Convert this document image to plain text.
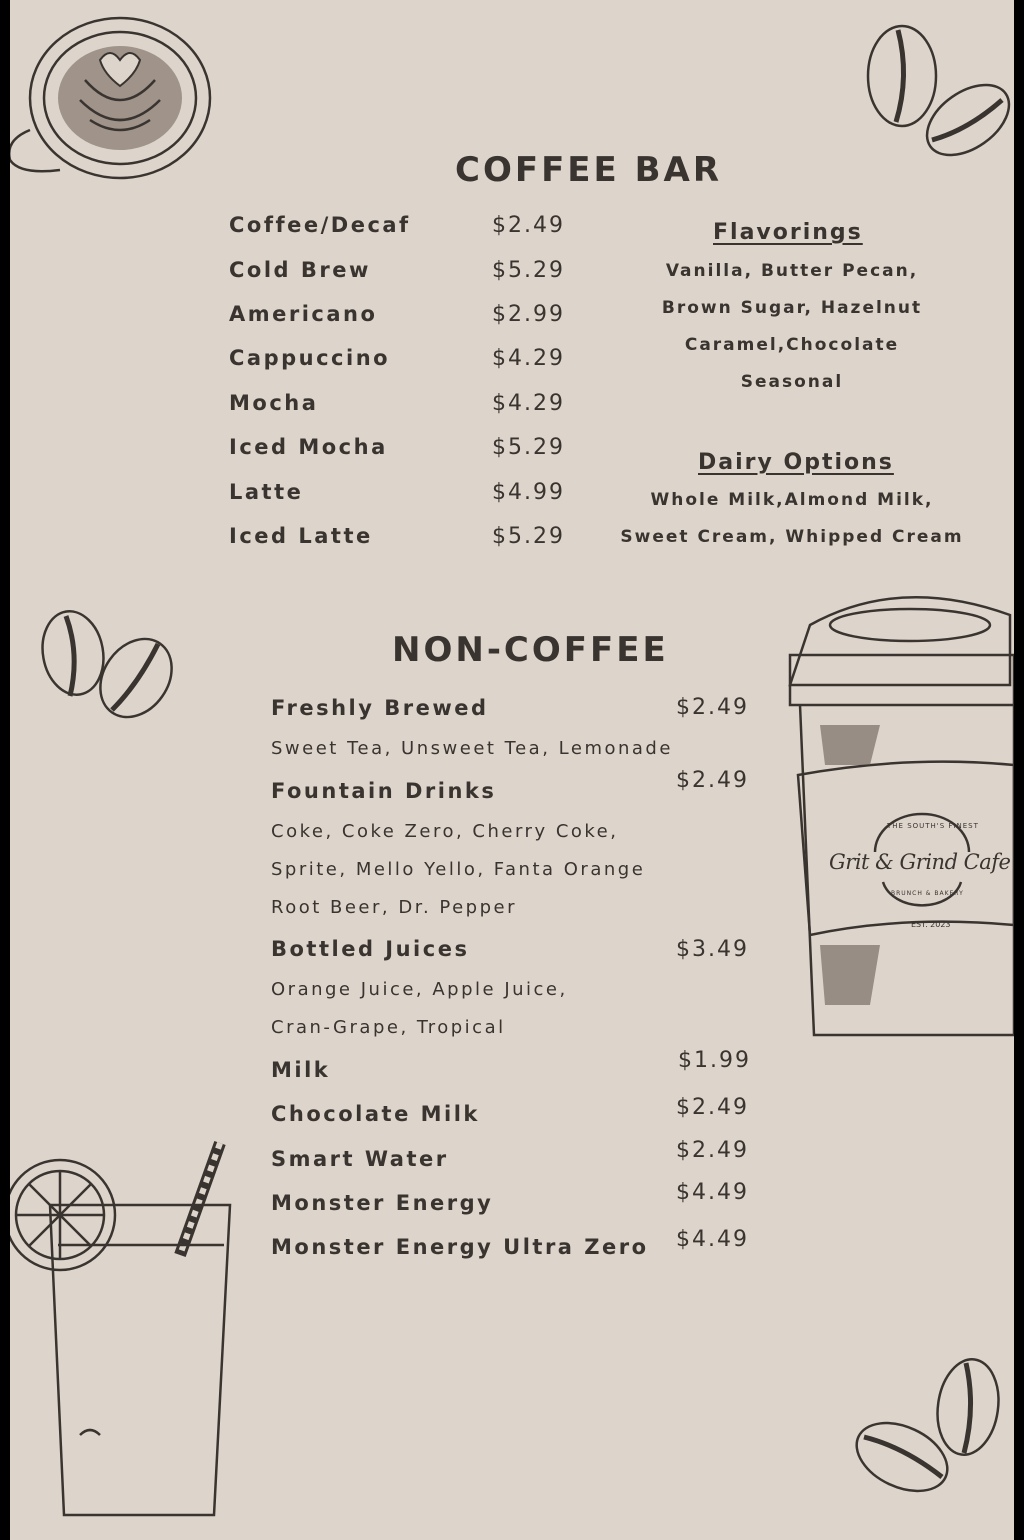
THE SOUTH'S FINEST
Grit & Grind Cafe
BRUNCH & BAKERY
EST. 2023
COFFEE BAR
Coffee/Decaf	$2.49
Cold Brew	$5.29
Americano	$2.99
Cappuccino	$4.29
Mocha	$4.29
Iced Mocha	$5.29
Latte	$4.99
Iced Latte	$5.29
Flavorings
Vanilla, Butter Pecan,
Brown Sugar, Hazelnut
Caramel,Chocolate
Seasonal
Dairy Options
Whole Milk,Almond Milk,
Sweet Cream, Whipped Cream
NON-COFFEE
Freshly Brewed	$2.49
Sweet Tea, Unsweet Tea, Lemonade
Fountain Drinks	$2.49
Coke, Coke Zero, Cherry Coke,
Sprite, Mello Yello, Fanta Orange
Root Beer, Dr. Pepper
Bottled Juices	$3.49
Orange Juice, Apple Juice,
Cran-Grape, Tropical
Milk	$1.99
Chocolate Milk	$2.49
Smart Water	$2.49
Monster Energy	$4.49
Monster Energy Ultra Zero $4.49
